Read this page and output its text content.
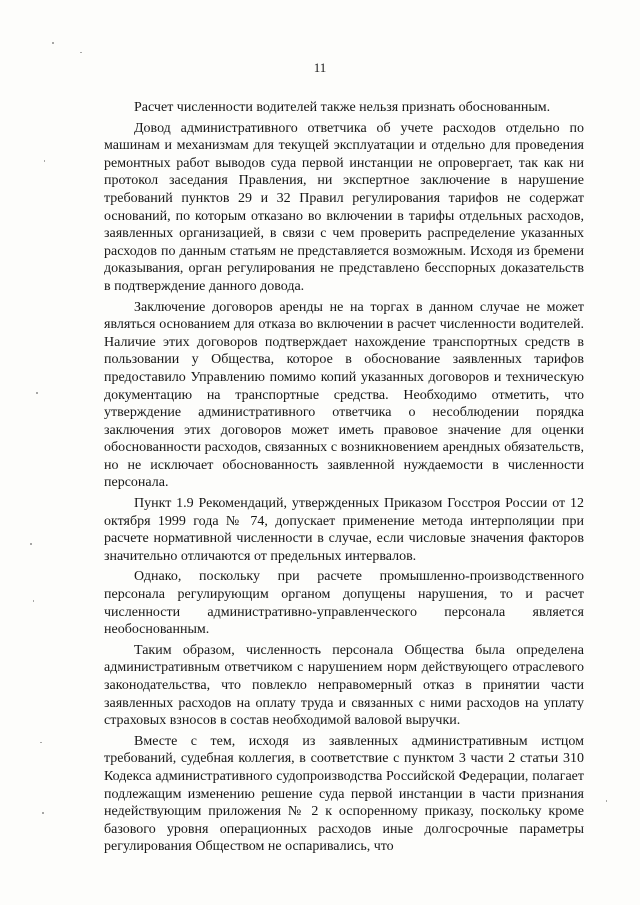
11

Расчет численности водителей также нельзя признать обоснованным.

Довод административного ответчика об учете расходов отдельно по машинам и механизмам для текущей эксплуатации и отдельно для проведения ремонтных работ выводов суда первой инстанции не опровергает, так как ни протокол заседания Правления, ни экспертное заключение в нарушение требований пунктов 29 и 32 Правил регулирования тарифов не содержат оснований, по которым отказано во включении в тарифы отдельных расходов, заявленных организацией, в связи с чем проверить распределение указанных расходов по данным статьям не представляется возможным. Исходя из бремени доказывания, орган регулирования не представлено бесспорных доказательств в подтверждение данного довода.

Заключение договоров аренды не на торгах в данном случае не может являться основанием для отказа во включении в расчет численности водителей. Наличие этих договоров подтверждает нахождение транспортных средств в пользовании у Общества, которое в обоснование заявленных тарифов предоставило Управлению помимо копий указанных договоров и техническую документацию на транспортные средства. Необходимо отметить, что утверждение административного ответчика о несоблюдении порядка заключения этих договоров может иметь правовое значение для оценки обоснованности расходов, связанных с возникновением арендных обязательств, но не исключает обоснованность заявленной нуждаемости в численности персонала.

Пункт 1.9 Рекомендаций, утвержденных Приказом Госстроя России от 12 октября 1999 года № 74, допускает применение метода интерполяции при расчете нормативной численности в случае, если числовые значения факторов значительно отличаются от предельных интервалов.

Однако, поскольку при расчете промышленно-производственного персонала регулирующим органом допущены нарушения, то и расчет численности административно-управленческого персонала является необоснованным.

Таким образом, численность персонала Общества была определена административным ответчиком с нарушением норм действующего отраслевого законодательства, что повлекло неправомерный отказ в принятии части заявленных расходов на оплату труда и связанных с ними расходов на уплату страховых взносов в состав необходимой валовой выручки.

Вместе с тем, исходя из заявленных административным истцом требований, судебная коллегия, в соответствие с пунктом 3 части 2 статьи 310 Кодекса административного судопроизводства Российской Федерации, полагает подлежащим изменению решение суда первой инстанции в части признания недействующим приложения № 2 к оспоренному приказу, поскольку кроме базового уровня операционных расходов иные долгосрочные параметры регулирования Обществом не оспаривались, что
